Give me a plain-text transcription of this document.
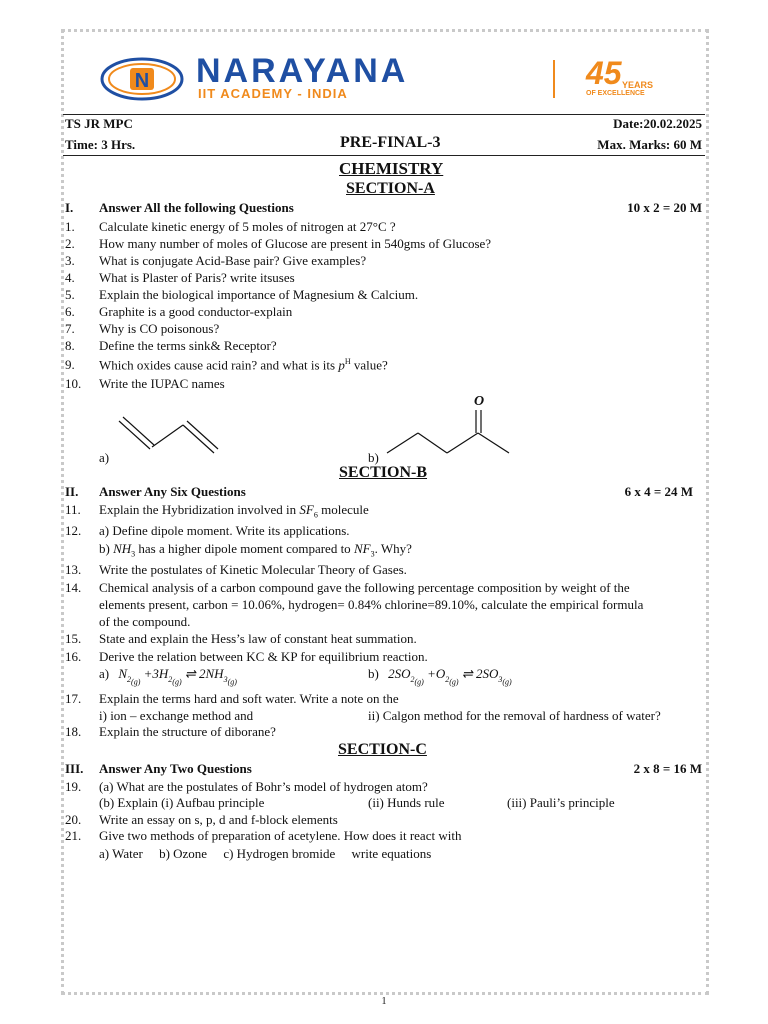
N NARAYANA
IIT ACADEMY - INDIA
45 YEARS
OF EXCELLENCE
TS JR MPC	Date:20.02.2025
Time: 3 Hrs.	PRE-FINAL-3	Max. Marks: 60 M
CHEMISTRY
SECTION-A
I. Answer All the following Questions	10 x 2 = 20 M
1. Calculate kinetic energy of 5 moles of nitrogen at 27°C ?
2. How many number of moles of Glucose are present in 540gms of Glucose?
3. What is conjugate Acid-Base pair? Give examples?
4. What is Plaster of Paris? write itsuses
5. Explain the biological importance of Magnesium & Calcium.
6. Graphite is a good conductor-explain
7. Why is CO poisonous?
8. Define the terms sink& Receptor?
9. Which oxides cause acid rain? and what is its $p^H$ value?
10. Write the IUPAC names
a)	b)
O
SECTION-B
II. Answer Any Six Questions	6 x 4 = 24 M
11. Explain the Hybridization involved in $SF_6$ molecule
12. a) Define dipole moment. Write its applications.
b) $NH_3$ has a higher dipole moment compared to $NF_3$. Why?
13. Write the postulates of Kinetic Molecular Theory of Gases.
14. Chemical analysis of a carbon compound gave the following percentage composition by weight of the
elements present, carbon = 10.06%, hydrogen= 0.84% chlorine=89.10%, calculate the empirical formula
of the compound.
15. State and explain the Hess’s law of constant heat summation.
16. Derive the relation between KC & KP for equilibrium reaction.
a) $N_{2_{(g)}} +3H_{2_{(g)}}$ ⇌ $2NH_{3_{(g)}}$
b) $2SO_{2_{(g)}} +O_{2_{(g)}}$ ⇌ $2SO_{3_{(g)}}$
17. Explain the terms hard and soft water. Write a note on the
i) ion – exchange method and	ii) Calgon method for the removal of hardness of water?
18. Explain the structure of diborane?
SECTION-C
III. Answer Any Two Questions	2 x 8 = 16 M
19. (a) What are the postulates of Bohr’s model of hydrogen atom?
(b) Explain (i) Aufbau principle	(ii) Hunds rule	(iii) Pauli’s principle
20. Write an essay on s, p, d and f-block elements
21. Give two methods of preparation of acetylene. How does it react with
a) Water     b) Ozone     c) Hydrogen bromide     write equations
1
